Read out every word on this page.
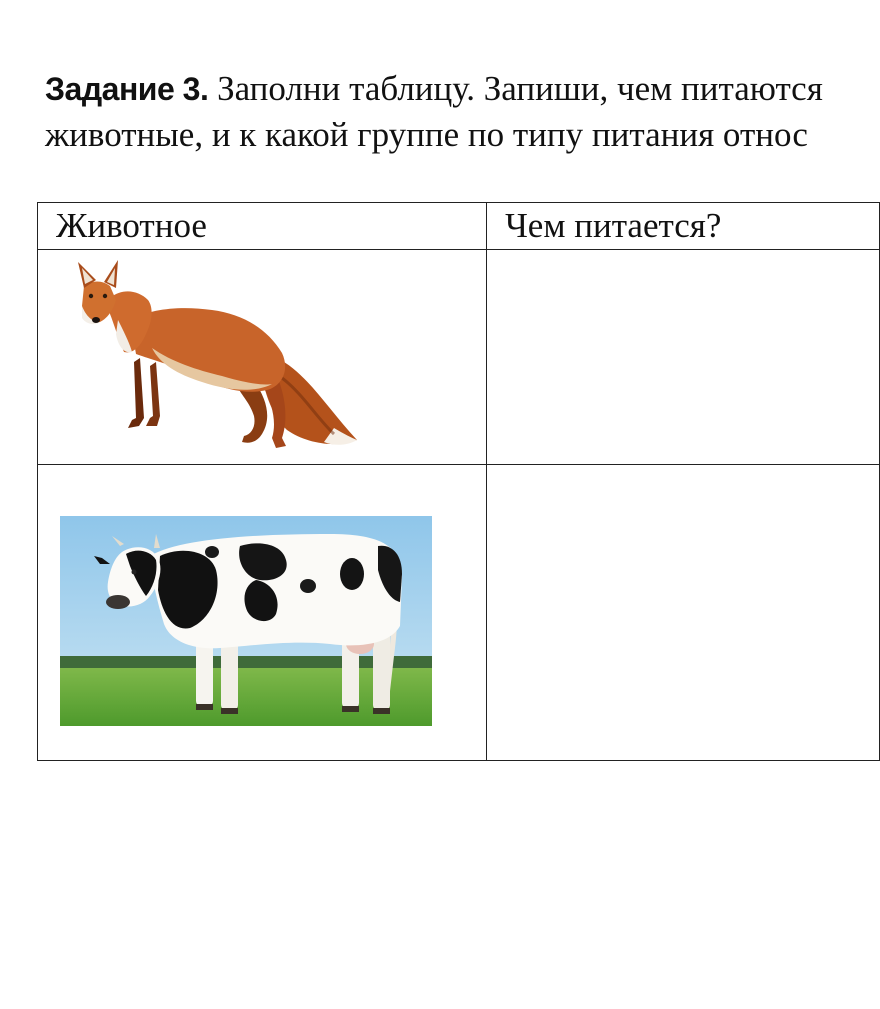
Задание 3. Заполни таблицу. Запиши, чем питаются
животные, и к какой группе по типу питания относ
Животное	Чем питается?
